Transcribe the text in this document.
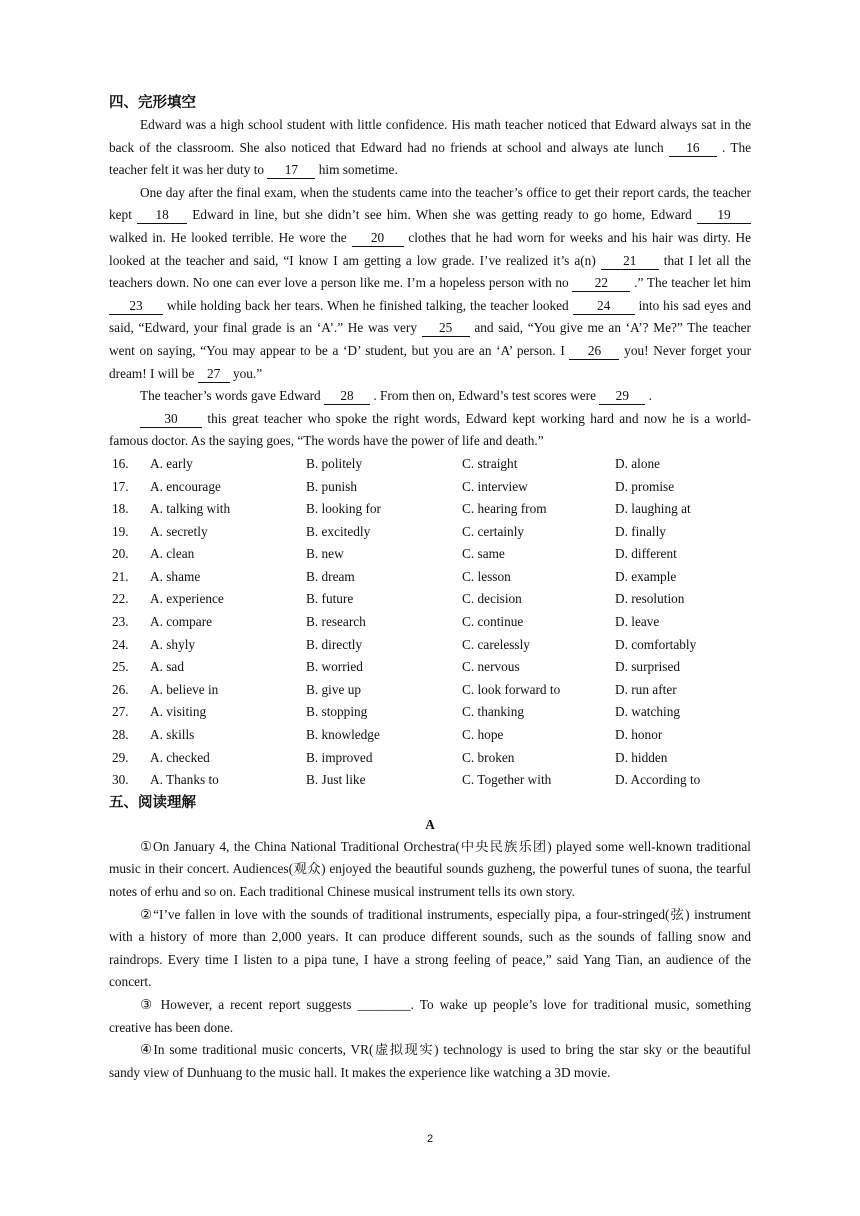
四、完形填空

Edward was a high school student with little confidence. His math teacher noticed that Edward always sat in the back of the classroom. She also noticed that Edward had no friends at school and always ate lunch 16 . The teacher felt it was her duty to 17 him sometime.

One day after the final exam, when the students came into the teacher’s office to get their report cards, the teacher kept 18 Edward in line, but she didn’t see him. When she was getting ready to go home, Edward 19 walked in. He looked terrible. He wore the 20 clothes that he had worn for weeks and his hair was dirty. He looked at the teacher and said, “I know I am getting a low grade. I’ve realized it’s a(n) 21 that I let all the teachers down. No one can ever love a person like me. I’m a hopeless person with no 22 .” The teacher let him 23 while holding back her tears. When he finished talking, the teacher looked 24 into his sad eyes and said, “Edward, your final grade is an ‘A’.” He was very 25 and said, “You give me an ‘A’? Me?” The teacher went on saying, “You may appear to be a ‘D’ student, but you are an ‘A’ person. I 26 you! Never forget your dream! I will be 27 you.”

The teacher’s words gave Edward 28 . From then on, Edward’s test scores were 29 .

30 this great teacher who spoke the right words, Edward kept working hard and now he is a world-famous doctor. As the saying goes, “The words have the power of life and death.”

16.	A. early	B. politely	C. straight	D. alone
17.	A. encourage	B. punish	C. interview	D. promise
18.	A. talking with	B. looking for	C. hearing from	D. laughing at
19.	A. secretly	B. excitedly	C. certainly	D. finally
20.	A. clean	B. new	C. same	D. different
21.	A. shame	B. dream	C. lesson	D. example
22.	A. experience	B. future	C. decision	D. resolution
23.	A. compare	B. research	C. continue	D. leave
24.	A. shyly	B. directly	C. carelessly	D. comfortably
25.	A. sad	B. worried	C. nervous	D. surprised
26.	A. believe in	B. give up	C. look forward to	D. run after
27.	A. visiting	B. stopping	C. thanking	D. watching
28.	A. skills	B. knowledge	C. hope	D. honor
29.	A. checked	B. improved	C. broken	D. hidden
30.	A. Thanks to	B. Just like	C. Together with	D. According to
五、阅读理解

A

①On January 4, the China National Traditional Orchestra(中央民族乐团) played some well-known traditional music in their concert. Audiences(观众) enjoyed the beautiful sounds guzheng, the powerful tunes of suona, the tearful notes of erhu and so on. Each traditional Chinese musical instrument tells its own story.

②“I’ve fallen in love with the sounds of traditional instruments, especially pipa, a four-stringed(弦) instrument with a history of more than 2,000 years. It can produce different sounds, such as the sounds of falling snow and raindrops. Every time I listen to a pipa tune, I have a strong feeling of peace,” said Yang Tian, an audience of the concert.

③ However, a recent report suggests ________. To wake up people’s love for traditional music, something creative has been done.

④In some traditional music concerts, VR(虚拟现实) technology is used to bring the star sky or the beautiful sandy view of Dunhuang to the music hall. It makes the experience like watching a 3D movie.

2
